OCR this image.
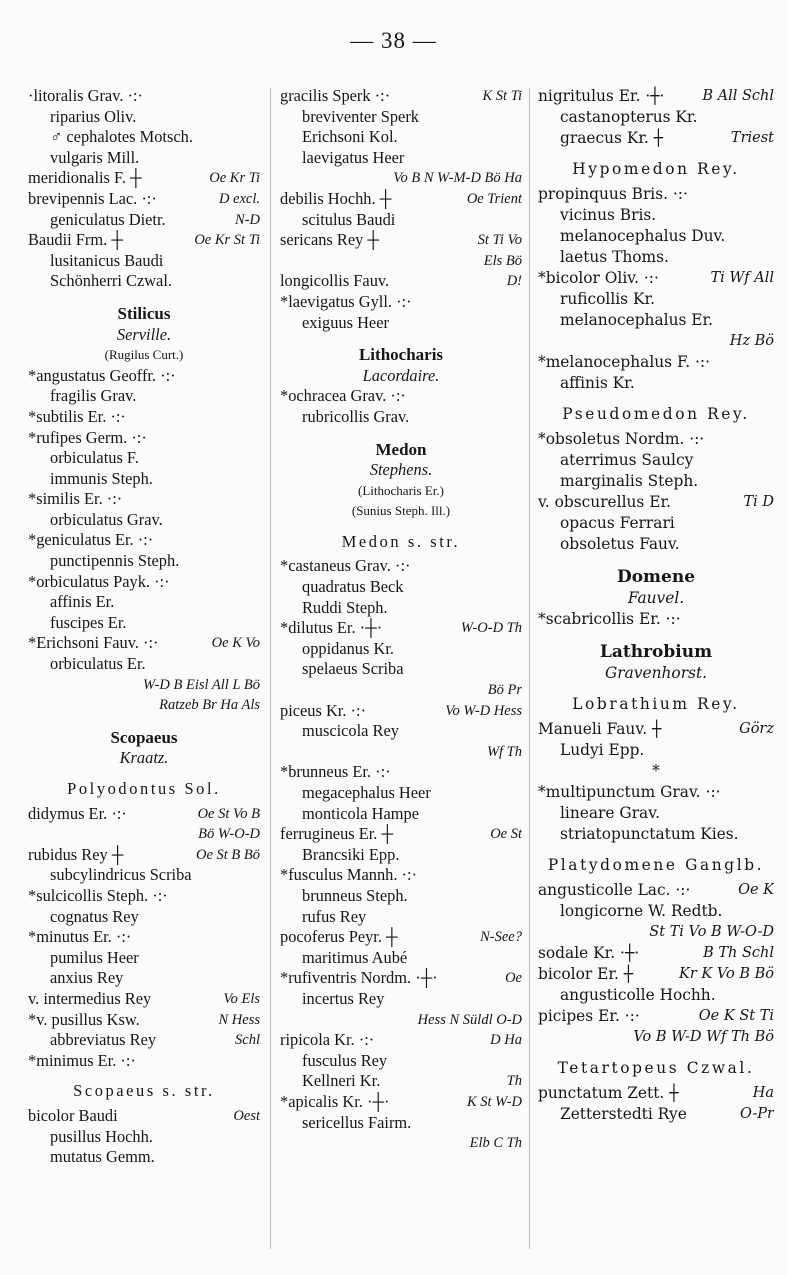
— 38 —
·litoralis Grav. ·:·
riparius Oliv.
♂ cephalotes Motsch.
vulgaris Mill.
meridionalis F. ┼	Oe Kr Ti
brevipennis Lac. ·:·	D excl.
geniculatus Dietr.	N-D
Baudii Frm. ┼	Oe Kr St Ti
lusitanicus Baudi
Schönherri Czwal.
Stilicus
Serville.
(Rugilus Curt.)
*angustatus Geoffr. ·:·
fragilis Grav.
*subtilis Er. ·:·
*rufipes Germ. ·:·
orbiculatus F.
immunis Steph.
*similis Er. ·:·
orbiculatus Grav.
*geniculatus Er. ·:·
punctipennis Steph.
*orbiculatus Payk. ·:·
affinis Er.
fuscipes Er.
*Erichsoni Fauv. ·:·	Oe K Vo
orbiculatus Er.
W-D B Eisl All L Bö
Ratzeb Br Ha Als
Scopaeus
Kraatz.
Polyodontus Sol.
didymus Er. ·:·	Oe St Vo B
Bö W-O-D
rubidus Rey ┼	Oe St B Bö
subcylindricus Scriba
*sulcicollis Steph. ·:·
cognatus Rey
*minutus Er. ·:·
pumilus Heer
anxius Rey
v. intermedius Rey	Vo Els
*v. pusillus Ksw.	N Hess
abbreviatus Rey	Schl
*minimus Er. ·:·
Scopaeus s. str.
bicolor Baudi	Oest
pusillus Hochh.
mutatus Gemm.
gracilis Sperk ·:·	K St Ti
breviventer Sperk
Erichsoni Kol.
laevigatus Heer
Vo B N W-M-D Bö Ha
debilis Hochh. ┼	Oe Trient
scitulus Baudi
sericans Rey ┼	St Ti Vo
Els Bö
longicollis Fauv.	D!
*laevigatus Gyll. ·:·
exiguus Heer
Lithocharis
Lacordaire.
*ochracea Grav. ·:·
rubricollis Grav.
Medon
Stephens.
(Lithocharis Er.)
(Sunius Steph. Ill.)
Medon s. str.
*castaneus Grav. ·:·
quadratus Beck
Ruddi Steph.
*dilutus Er. ·┼·	W-O-D Th
oppidanus Kr.
spelaeus Scriba
Bö Pr
piceus Kr. ·:·	Vo W-D Hess
muscicola Rey
Wf Th
*brunneus Er. ·:·
megacephalus Heer
monticola Hampe
ferrugineus Er. ┼	Oe St
Brancsiki Epp.
*fusculus Mannh. ·:·
brunneus Steph.
rufus Rey
pocoferus Peyr. ┼	N-See?
maritimus Aubé
*rufiventris Nordm. ·┼·	Oe
incertus Rey
Hess N Süldl O-D
ripicola Kr. ·:·	D Ha
fusculus Rey
Kellneri Kr.	Th
*apicalis Kr. ·┼·	K St W-D
sericellus Fairm.
Elb C Th
nigritulus Er. ·┼·	B All Schl
castanopterus Kr.
graecus Kr. ┼	Triest
Hypomedon Rey.
propinquus Bris. ·:·
vicinus Bris.
melanocephalus Duv.
laetus Thoms.
*bicolor Oliv. ·:·	Ti Wf All
ruficollis Kr.
melanocephalus Er.
Hz Bö
*melanocephalus F. ·:·
affinis Kr.
Pseudomedon Rey.
*obsoletus Nordm. ·:·
aterrimus Saulcy
marginalis Steph.
v. obscurellus Er.	Ti D
opacus Ferrari
obsoletus Fauv.
Domene
Fauvel.
*scabricollis Er. ·:·
Lathrobium
Gravenhorst.
Lobrathium Rey.
Manueli Fauv. ┼	Görz
Ludyi Epp.
*
*multipunctum Grav. ·:·
lineare Grav.
striatopunctatum Kies.
Platydomene Ganglb.
angusticolle Lac. ·:·	Oe K
longicorne W. Redtb.
St Ti Vo B W-O-D
sodale Kr. ·┼·	B Th Schl
bicolor Er. ┼	Kr K Vo B Bö
angusticolle Hochh.
picipes Er. ·:·	Oe K St Ti
Vo B W-D Wf Th Bö
Tetartopeus Czwal.
punctatum Zett. ┼	Ha
Zetterstedti Rye	O-Pr
